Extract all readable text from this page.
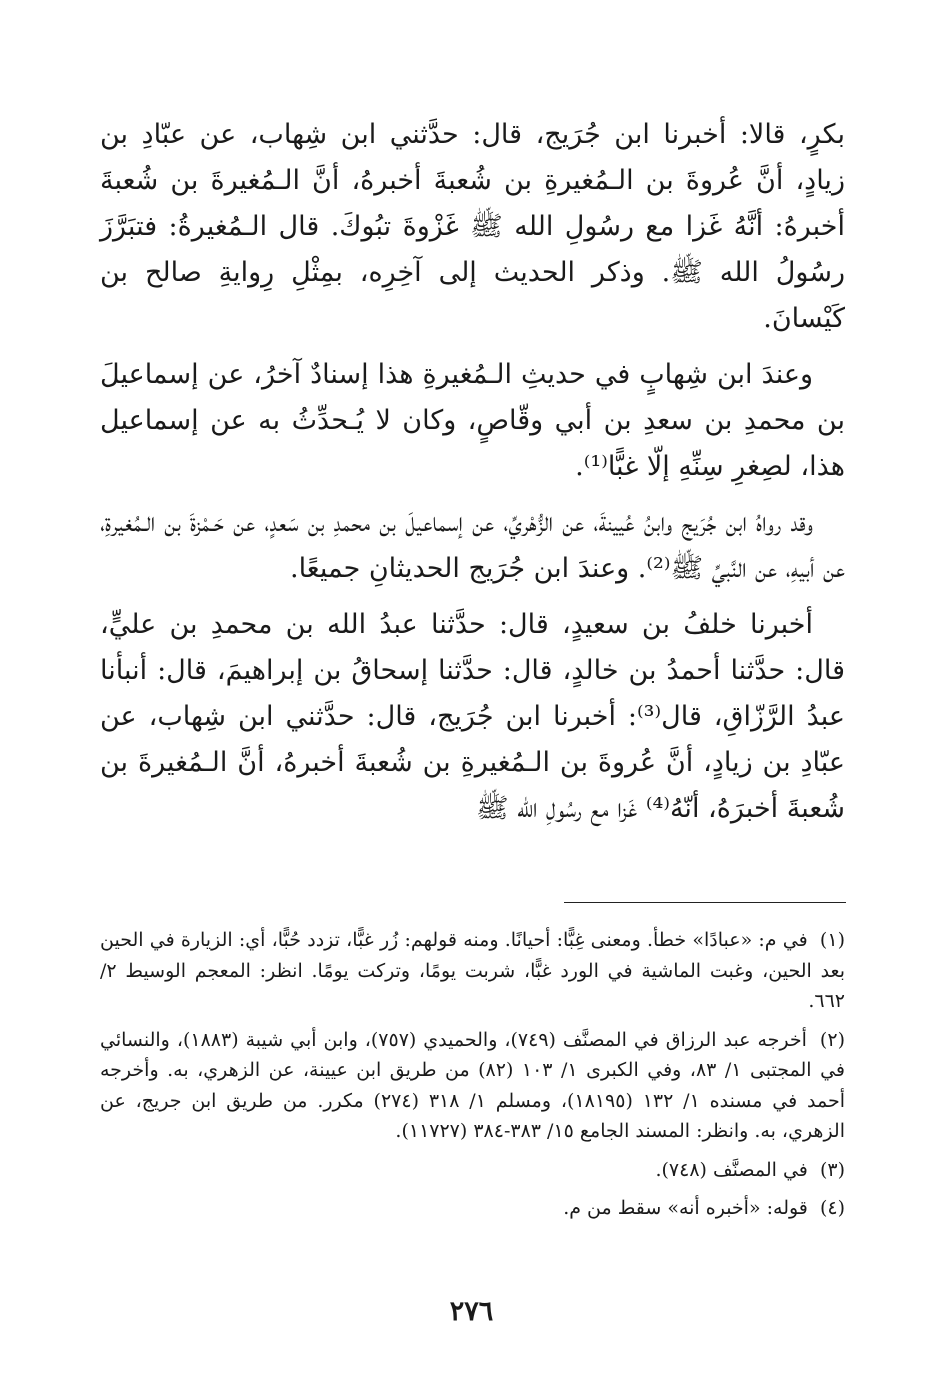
بكرٍ، قالا: أخبرنا ابن جُرَيج، قال: حدَّثني ابن شِهاب، عن عبّادِ بن زيادٍ، أنَّ عُروةَ بن الـمُغيرةِ بن شُعبةَ أخبرهُ، أنَّ الـمُغيرةَ بن شُعبةَ أخبرهُ: أنَّهُ غَزا مع رسُولِ الله ﷺ غَزْوةَ تبُوكَ. قال الـمُغيرةُ: فتبَرَّزَ رسُولُ الله ﷺ. وذكر الحديث إلى آخِرِه، بمِثْلِ رِوايةِ صالح بن كَيْسانَ.

وعندَ ابن شِهابٍ في حديثِ الـمُغيرةِ هذا إسنادٌ آخرُ، عن إسماعيلَ بن محمدِ بن سعدِ بن أبي وقّاصٍ، وكان لا يُـحدِّثُ به عن إسماعيل هذا، لصِغرِ سِنِّهِ إلّا غبًّا⁽¹⁾.

وقد رواهُ ابن جُرَيج وابنُ عُيينةَ، عن الزُّهْريِّ، عن إسماعيلَ بن محمدِ بن سَعدٍ، عن حَـمْزةَ بن الـمُغيرةِ، عن أبيهِ، عن النَّبيِّ ﷺ⁽²⁾. وعندَ ابن جُرَيج الحديثانِ جميعًا.

أخبرنا خلفُ بن سعيدٍ، قال: حدَّثنا عبدُ الله بن محمدِ بن عليٍّ، قال: حدَّثنا أحمدُ بن خالدٍ، قال: حدَّثنا إسحاقُ بن إبراهيمَ، قال: أنبأنا عبدُ الرَّزّاقِ، قال⁽³⁾: أخبرنا ابن جُرَيج، قال: حدَّثني ابن شِهاب، عن عبّادِ بن زيادٍ، أنَّ عُروةَ بن الـمُغيرةِ بن شُعبةَ أخبرهُ، أنَّ الـمُغيرةَ بن شُعبةَ أخبرَهُ، أنّهُ⁽⁴⁾ غَزا مع رسُولِ الله ﷺ

(١) في م: «عبادًا» خطأ. ومعنى غِبًّا: أحيانًا. ومنه قولهم: زُر غبًّا، تزدد حُبًّا، أي: الزيارة في الحين بعد الحين، وغبت الماشية في الورد غبًّا، شربت يومًا، وتركت يومًا. انظر: المعجم الوسيط ٢/ ٦٦٢.
(٢) أخرجه عبد الرزاق في المصنَّف (٧٤٩)، والحميدي (٧٥٧)، وابن أبي شيبة (١٨٨٣)، والنسائي في المجتبى ١/ ٨٣، وفي الكبرى ١/ ١٠٣ (٨٢) من طريق ابن عيينة، عن الزهري، به. وأخرجه أحمد في مسنده ١/ ١٣٢ (١٨١٩٥)، ومسلم ١/ ٣١٨ (٢٧٤) مكرر. من طريق ابن جريج، عن الزهري، به. وانظر: المسند الجامع ١٥/ ٣٨٣-٣٨٤ (١١٧٢٧).
(٣) في المصنَّف (٧٤٨).
(٤) قوله: «أخبره أنه» سقط من م.
٢٧٦
